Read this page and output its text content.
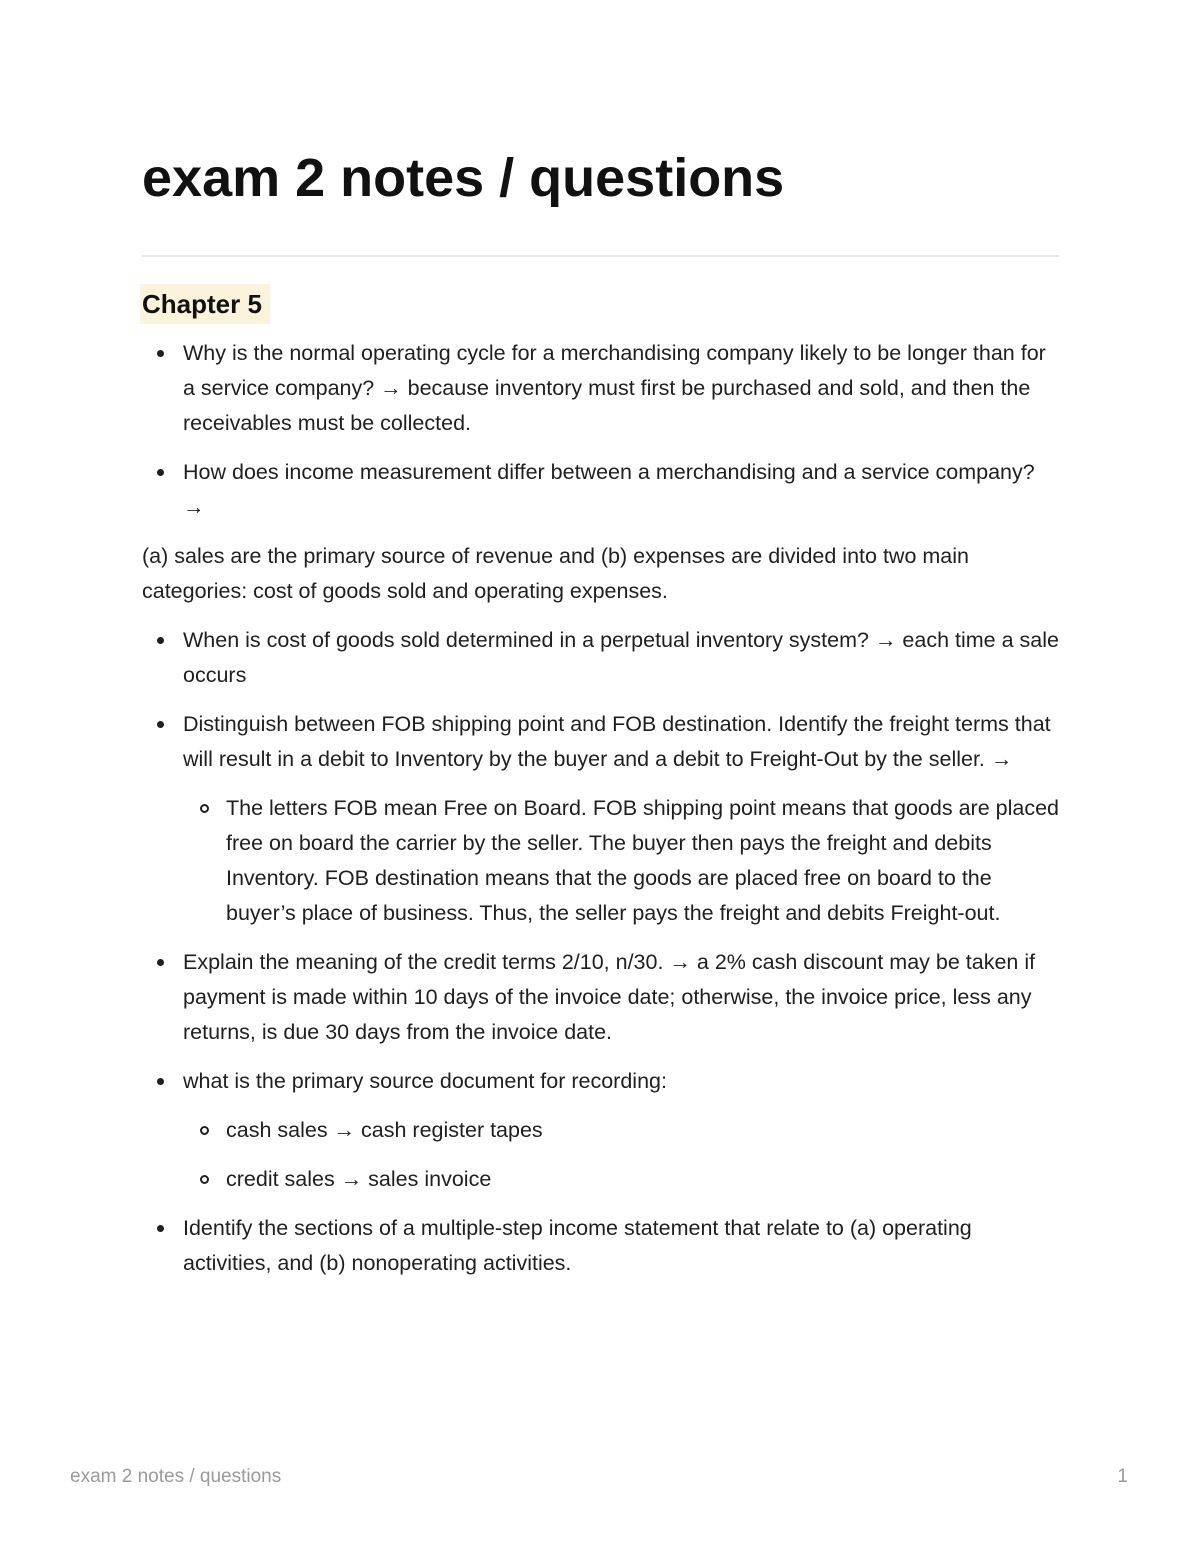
exam 2 notes / questions
Chapter 5
Why is the normal operating cycle for a merchandising company likely to be longer than for a service company? → because inventory must first be purchased and sold, and then the receivables must be collected.
How does income measurement differ between a merchandising and a service company? →

(a) sales are the primary source of revenue and (b) expenses are divided into two main categories: cost of goods sold and operating expenses.

When is cost of goods sold determined in a perpetual inventory system? → each time a sale occurs
Distinguish between FOB shipping point and FOB destination. Identify the freight terms that will result in a debit to Inventory by the buyer and a debit to Freight-Out by the seller. →
The letters FOB mean Free on Board. FOB shipping point means that goods are placed free on board the carrier by the seller. The buyer then pays the freight and debits Inventory. FOB destination means that the goods are placed free on board to the buyer’s place of business. Thus, the seller pays the freight and debits Freight-out.
Explain the meaning of the credit terms 2/10, n/30. → a 2% cash discount may be taken if payment is made within 10 days of the invoice date; otherwise, the invoice price, less any returns, is due 30 days from the invoice date.
what is the primary source document for recording:
cash sales → cash register tapes
credit sales → sales invoice
Identify the sections of a multiple-step income statement that relate to (a) operating activities, and (b) nonoperating activities.
exam 2 notes / questions	1
